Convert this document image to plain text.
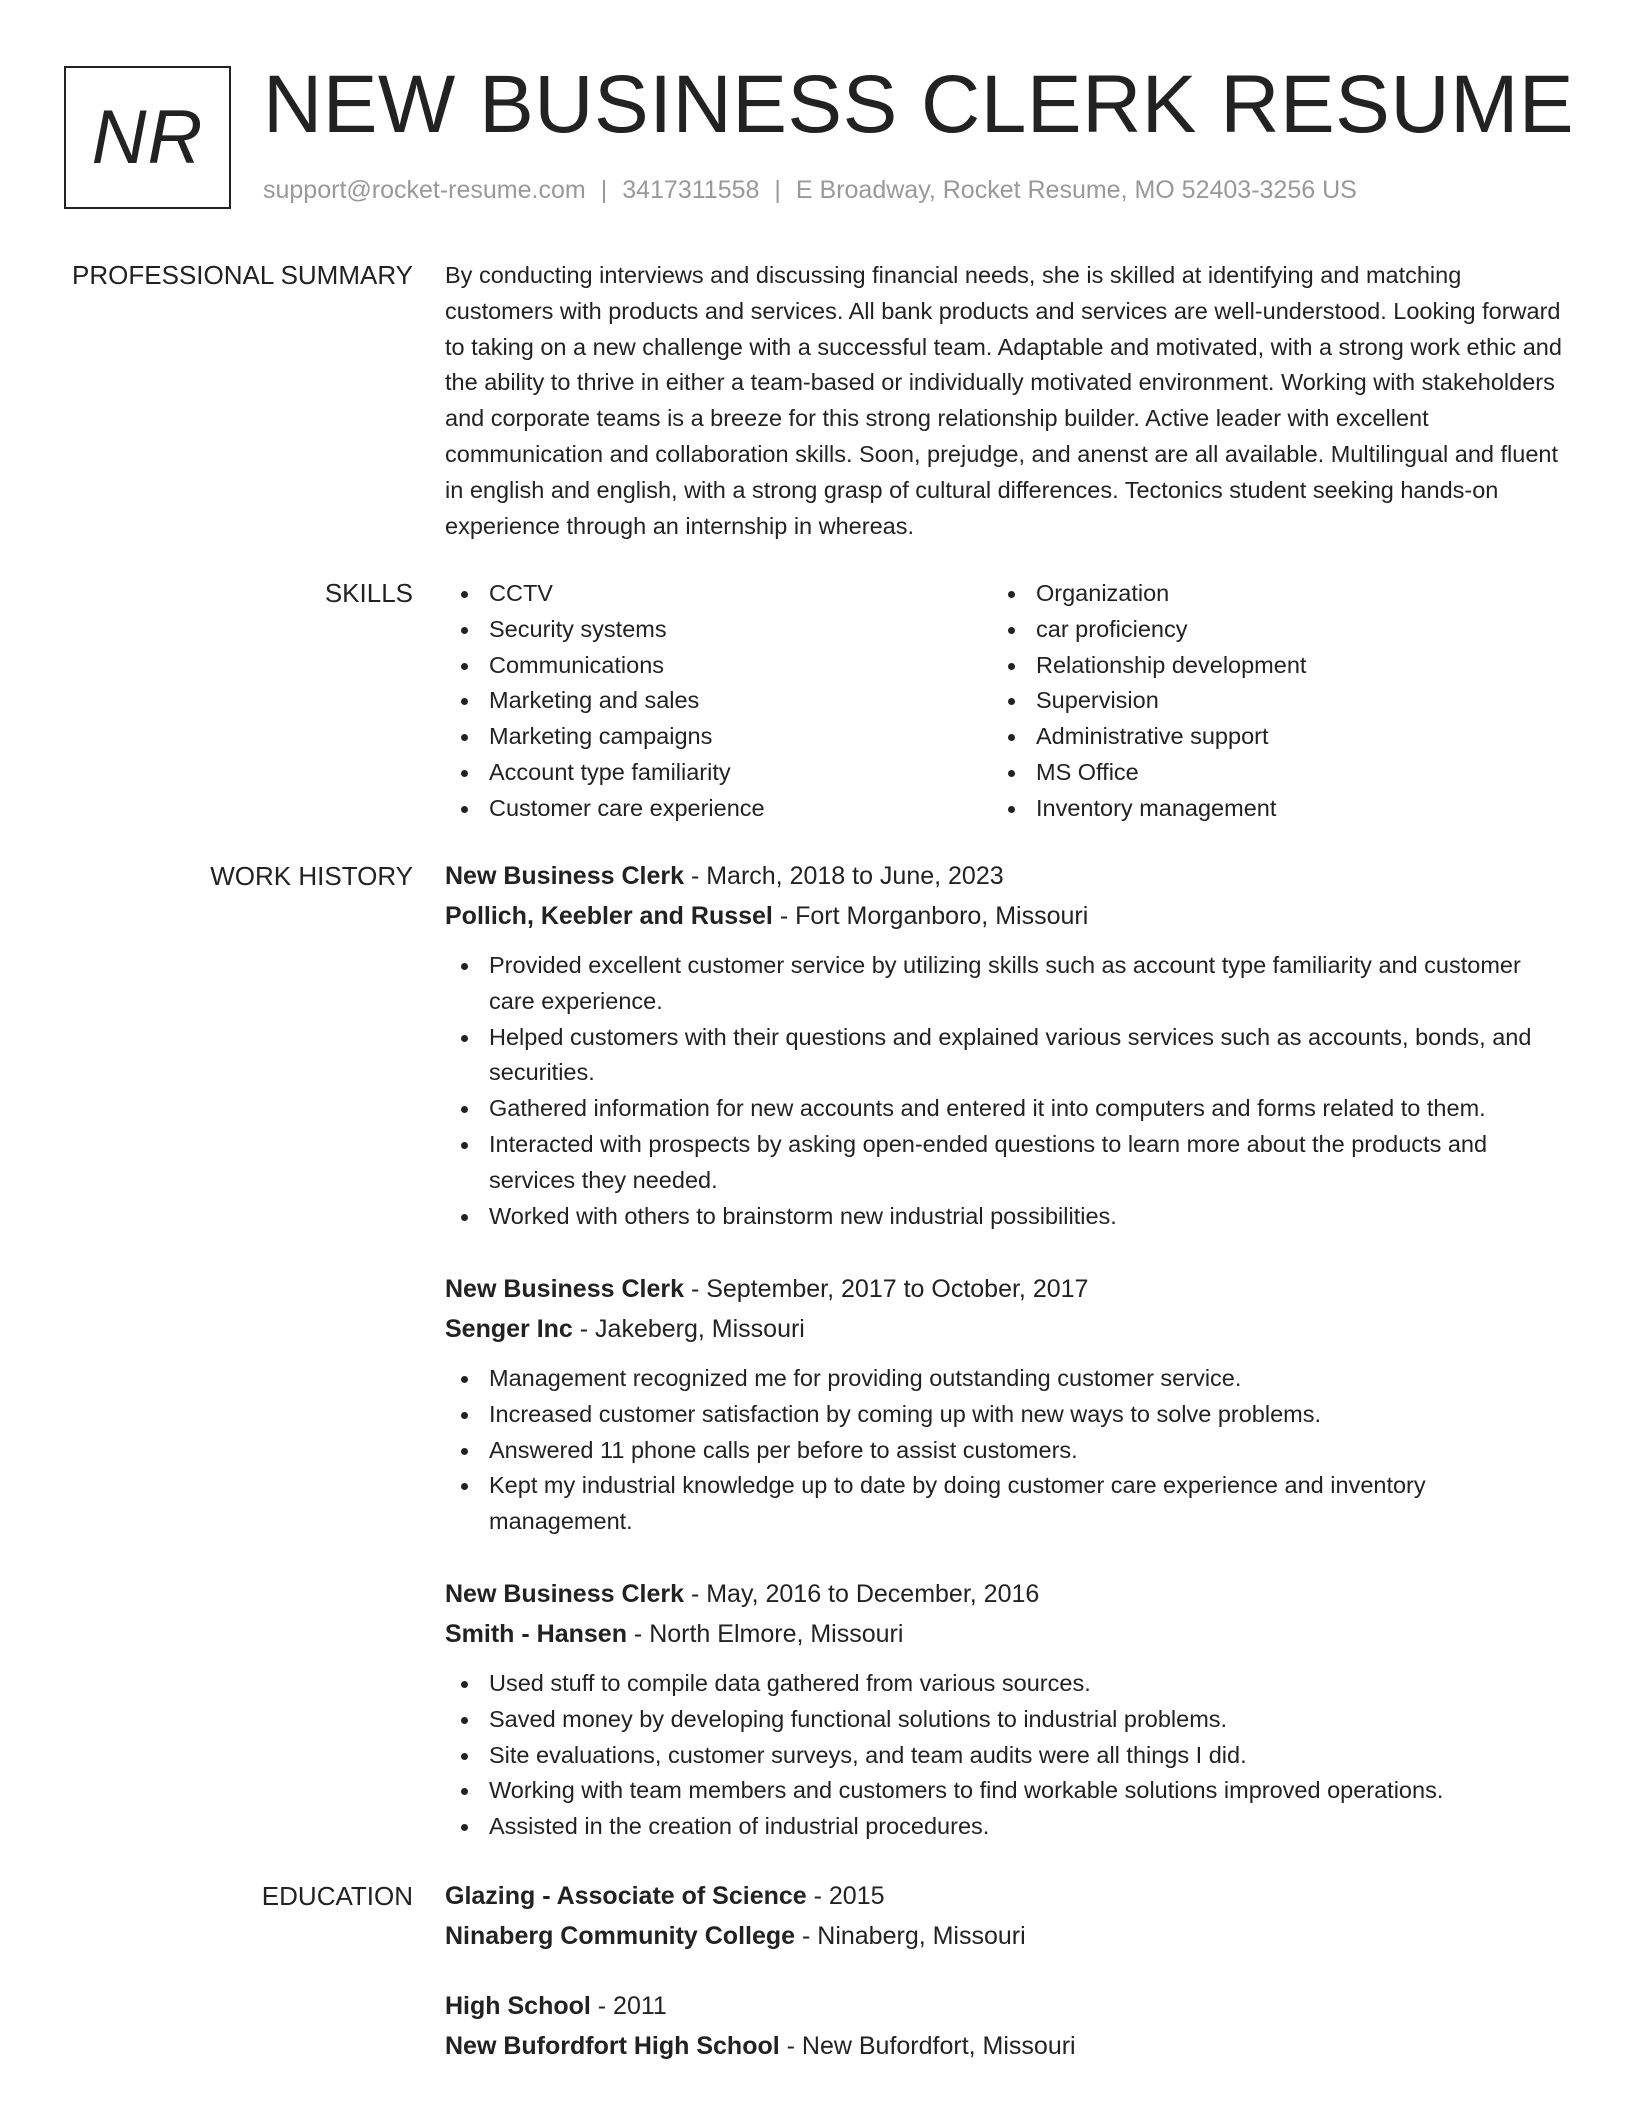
NR NEW BUSINESS CLERK RESUME
support@rocket-resume.com | 3417311558 | E Broadway, Rocket Resume, MO 52403-3256 US
PROFESSIONAL SUMMARY By conducting interviews and discussing financial needs, she is skilled at identifying and matching customers with products and services. All bank products and services are well-understood. Looking forward to taking on a new challenge with a successful team. Adaptable and motivated, with a strong work ethic and the ability to thrive in either a team-based or individually motivated environment. Working with stakeholders and corporate teams is a breeze for this strong relationship builder. Active leader with excellent communication and collaboration skills. Soon, prejudge, and anenst are all available. Multilingual and fluent in english and english, with a strong grasp of cultural differences. Tectonics student seeking hands-on experience through an internship in whereas.

SKILLS	CCTV
Security systems
Communications
Marketing and sales
Marketing campaigns
Account type familiarity
Customer care experience
Organization
car proficiency
Relationship development
Supervision
Administrative support
MS Office
Inventory management
WORK HISTORY New Business Clerk - March, 2018 to June, 2023
Pollich, Keebler and Russel - Fort Morganboro, Missouri
Provided excellent customer service by utilizing skills such as account type familiarity and customer care experience.
Helped customers with their questions and explained various services such as accounts, bonds, and securities.
Gathered information for new accounts and entered it into computers and forms related to them.
Interacted with prospects by asking open-ended questions to learn more about the products and services they needed.
Worked with others to brainstorm new industrial possibilities.
New Business Clerk - September, 2017 to October, 2017
Senger Inc - Jakeberg, Missouri
Management recognized me for providing outstanding customer service.
Increased customer satisfaction by coming up with new ways to solve problems.
Answered 11 phone calls per before to assist customers.
Kept my industrial knowledge up to date by doing customer care experience and inventory management.
New Business Clerk - May, 2016 to December, 2016
Smith - Hansen - North Elmore, Missouri
Used stuff to compile data gathered from various sources.
Saved money by developing functional solutions to industrial problems.
Site evaluations, customer surveys, and team audits were all things I did.
Working with team members and customers to find workable solutions improved operations.
Assisted in the creation of industrial procedures.
EDUCATION Glazing - Associate of Science - 2015
Ninaberg Community College - Ninaberg, Missouri
High School - 2011
New Bufordfort High School - New Bufordfort, Missouri
